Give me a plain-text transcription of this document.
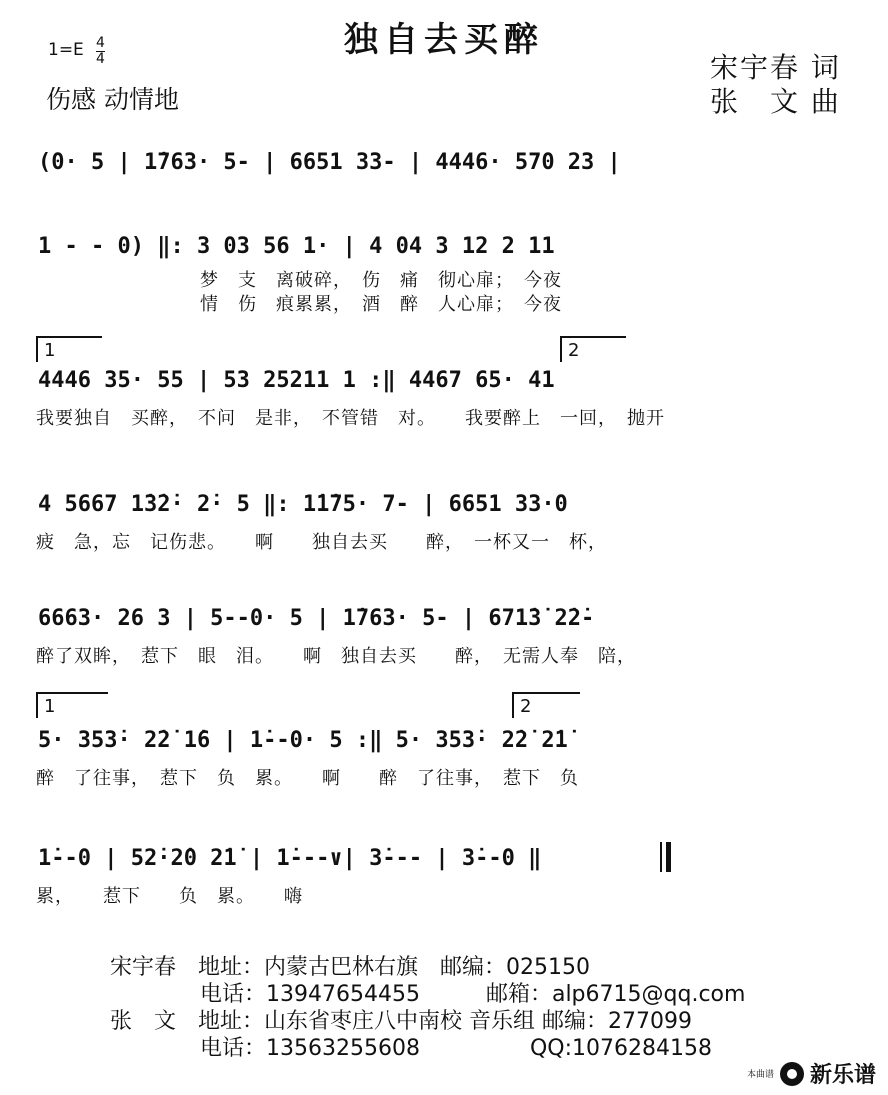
独自去买醉
1=E 4
4
伤感 动情地
宋宇春 词
张　文 曲
(0· 5 | 1̇763· 5- | 6651 33- | 4446· 570 23 |
1 - - 0) ‖: 3 03 56 1· | 4 04 3 12 2 11
梦　支　离破碎，　伤　痛　彻心扉；　今夜
情　伤　痕累累，　酒　醉　人心扉；　今夜
1	2
4446 35· 55 | 53 25211 1 :‖ 4467 65· 41
我要独自　买醉，　不问　是非，　不管错　对。　　我要醉上　一回，　抛开
4 5667 1̇3̇2̇· 2̇· 5 ‖: 1̇1̇75· 7- | 6651 33·0
疲　急，忘　记伤悲。　　啊　　独自去买　　醉，　一杯又一　杯，
6663· 26 3 | 5--0· 5 | 1̇763· 5- | 671̇3̇ 2̇2̇-
醉了双眸，　惹下　眼　泪。　　啊　独自去买　　醉，　无需人奉　陪，
1	2
5· 353̇· 2̇2̇ 1̇6 | 1̇--0· 5 :‖ 5· 353̇· 2̇2̇ 2̇1̇
醉　了往事，　惹下　负　累。　　啊　　醉　了往事，　惹下　负
1̇--0 | 52̇·2̇0 2̇1̇ | 1̇---∨| 3̇--- | 3̇--0 ‖
累，　　惹下　　负　累。　　嗨
宋宇春　地址：内蒙古巴林右旗　邮编：025150
电话：13947654455　　　邮箱：alp6715@qq.com
张　文　地址：山东省枣庄八中南校 音乐组 邮编：277099
电话：13563255608　　　　　QQ:1076284158
本曲谱 新乐谱
